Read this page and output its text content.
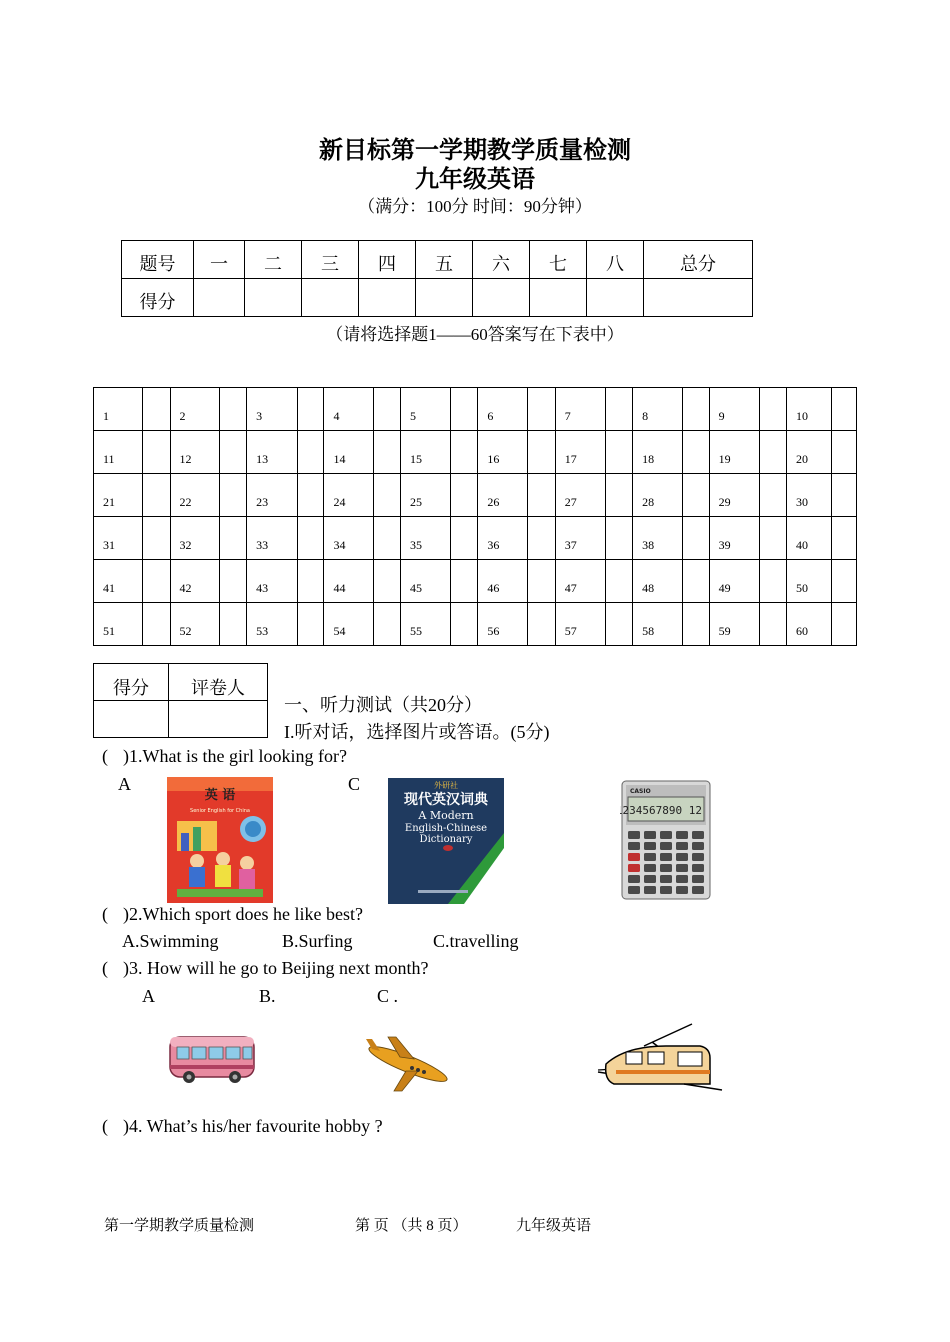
新目标第一学期教学质量检测
九年级英语
（满分：100分 时间：90分钟）
题号	一	二	三	四	五	六	七	八	总分
得分									
（请将选择题1——60答案写在下表中）
1		2		3		4		5		6		7		8		9		10	
11		12		13		14		15		16		17		18		19		20	
21		22		23		24		25		26		27		28		29		30	
31		32		33		34		35		36		37		38		39		40	
41		42		43		44		45		46		47		48		49		50	
51		52		53		54		55		56		57		58		59		60	
得分	评卷人

一、听力测试（共20分）
I.听对话，选择图片或答语。(5分)
( )1.What is the girl looking for?
A	C
英 语
Senior English for China
外研社
现代英汉词典
A Modern
English-Chinese
Dictionary
CASIO
1234567890 12
( )2.Which sport does he like best?
A.Swimming	B.Surfing	C.travelling
( )3. How will he go to Beijing next month?
A	B.	C .
( )4. What’s his/her favourite hobby ?
第一学期教学质量检测	第 页 （共 8 页）	九年级英语
